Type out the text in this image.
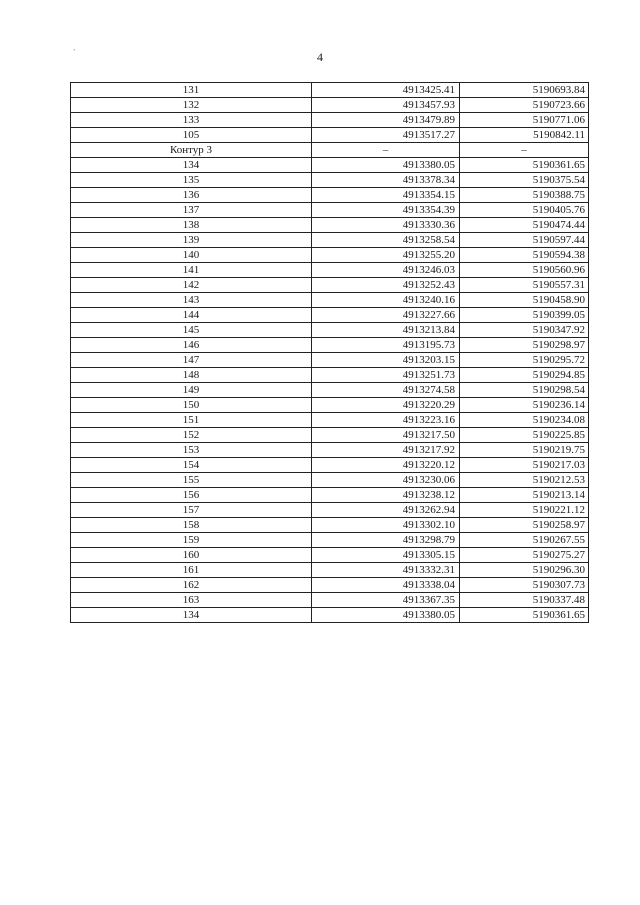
`	4
131	4913425.41	5190693.84
132	4913457.93	5190723.66
133	4913479.89	5190771.06
105	4913517.27	5190842.11
Контур 3	–	–
134	4913380.05	5190361.65
135	4913378.34	5190375.54
136	4913354.15	5190388.75
137	4913354.39	5190405.76
138	4913330.36	5190474.44
139	4913258.54	5190597.44
140	4913255.20	5190594.38
141	4913246.03	5190560.96
142	4913252.43	5190557.31
143	4913240.16	5190458.90
144	4913227.66	5190399.05
145	4913213.84	5190347.92
146	4913195.73	5190298.97
147	4913203.15	5190295.72
148	4913251.73	5190294.85
149	4913274.58	5190298.54
150	4913220.29	5190236.14
151	4913223.16	5190234.08
152	4913217.50	5190225.85
153	4913217.92	5190219.75
154	4913220.12	5190217.03
155	4913230.06	5190212.53
156	4913238.12	5190213.14
157	4913262.94	5190221.12
158	4913302.10	5190258.97
159	4913298.79	5190267.55
160	4913305.15	5190275.27
161	4913332.31	5190296.30
162	4913338.04	5190307.73
163	4913367.35	5190337.48
134	4913380.05	5190361.65
